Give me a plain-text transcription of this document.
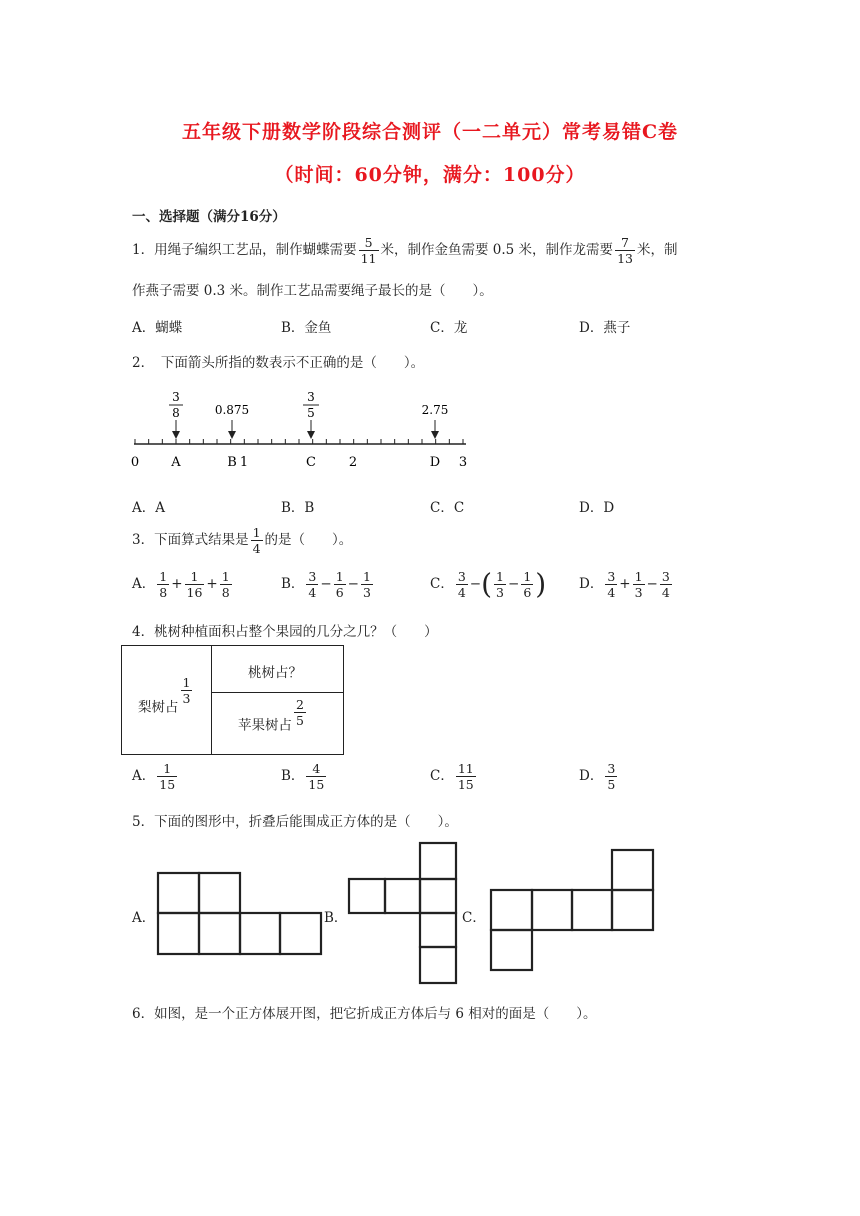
五年级下册数学阶段综合测评（一二单元）常考易错C卷
（时间：60分钟，满分：100分）
一、选择题（满分16分）
1．用绳子编织工艺品，制作蝴蝶需要 $\frac{5}{11}$ 米，制作金鱼需要 0.5 米，制作龙需要 $\frac{7}{13}$ 米，制
作燕子需要 0.3 米。制作工艺品需要绳子最长的是（　　）。
A．蝴蝶	B．金鱼	C．龙	D．燕子
2．　下面箭头所指的数表示不正确的是（　　）。
3
8	0.875
3
5	2.75
0 A	B 1	C	2	D 3
A．A	B．B	C．C	D．D
3．下面算式结果是 $\frac{1}{4}$ 的是（　　）。
A． $\frac{1}{8} + \frac{1}{16} + \frac{1}{8}$	B． $\frac{3}{4} - \frac{1}{6} - \frac{1}{3}$	C． $\frac{3}{4}$ −( $\frac{1}{3} - \frac{1}{6}$ ) D． $\frac{3}{4} + \frac{1}{3} - \frac{3}{4}$
4．桃树种植面积占整个果园的几分之几？（　　）
梨树占
$\frac{1}{3}$
桃树占？
苹果树占 $\frac{2}{5}$
A． $\frac{1}{15}$	B． $\frac{4}{15}$	C． $\frac{11}{15}$	D． $\frac{3}{5}$
5．下面的图形中，折叠后能围成正方体的是（　　）。
A．	B．	C．
6．如图，是一个正方体展开图，把它折成正方体后与 6 相对的面是（　　）。
